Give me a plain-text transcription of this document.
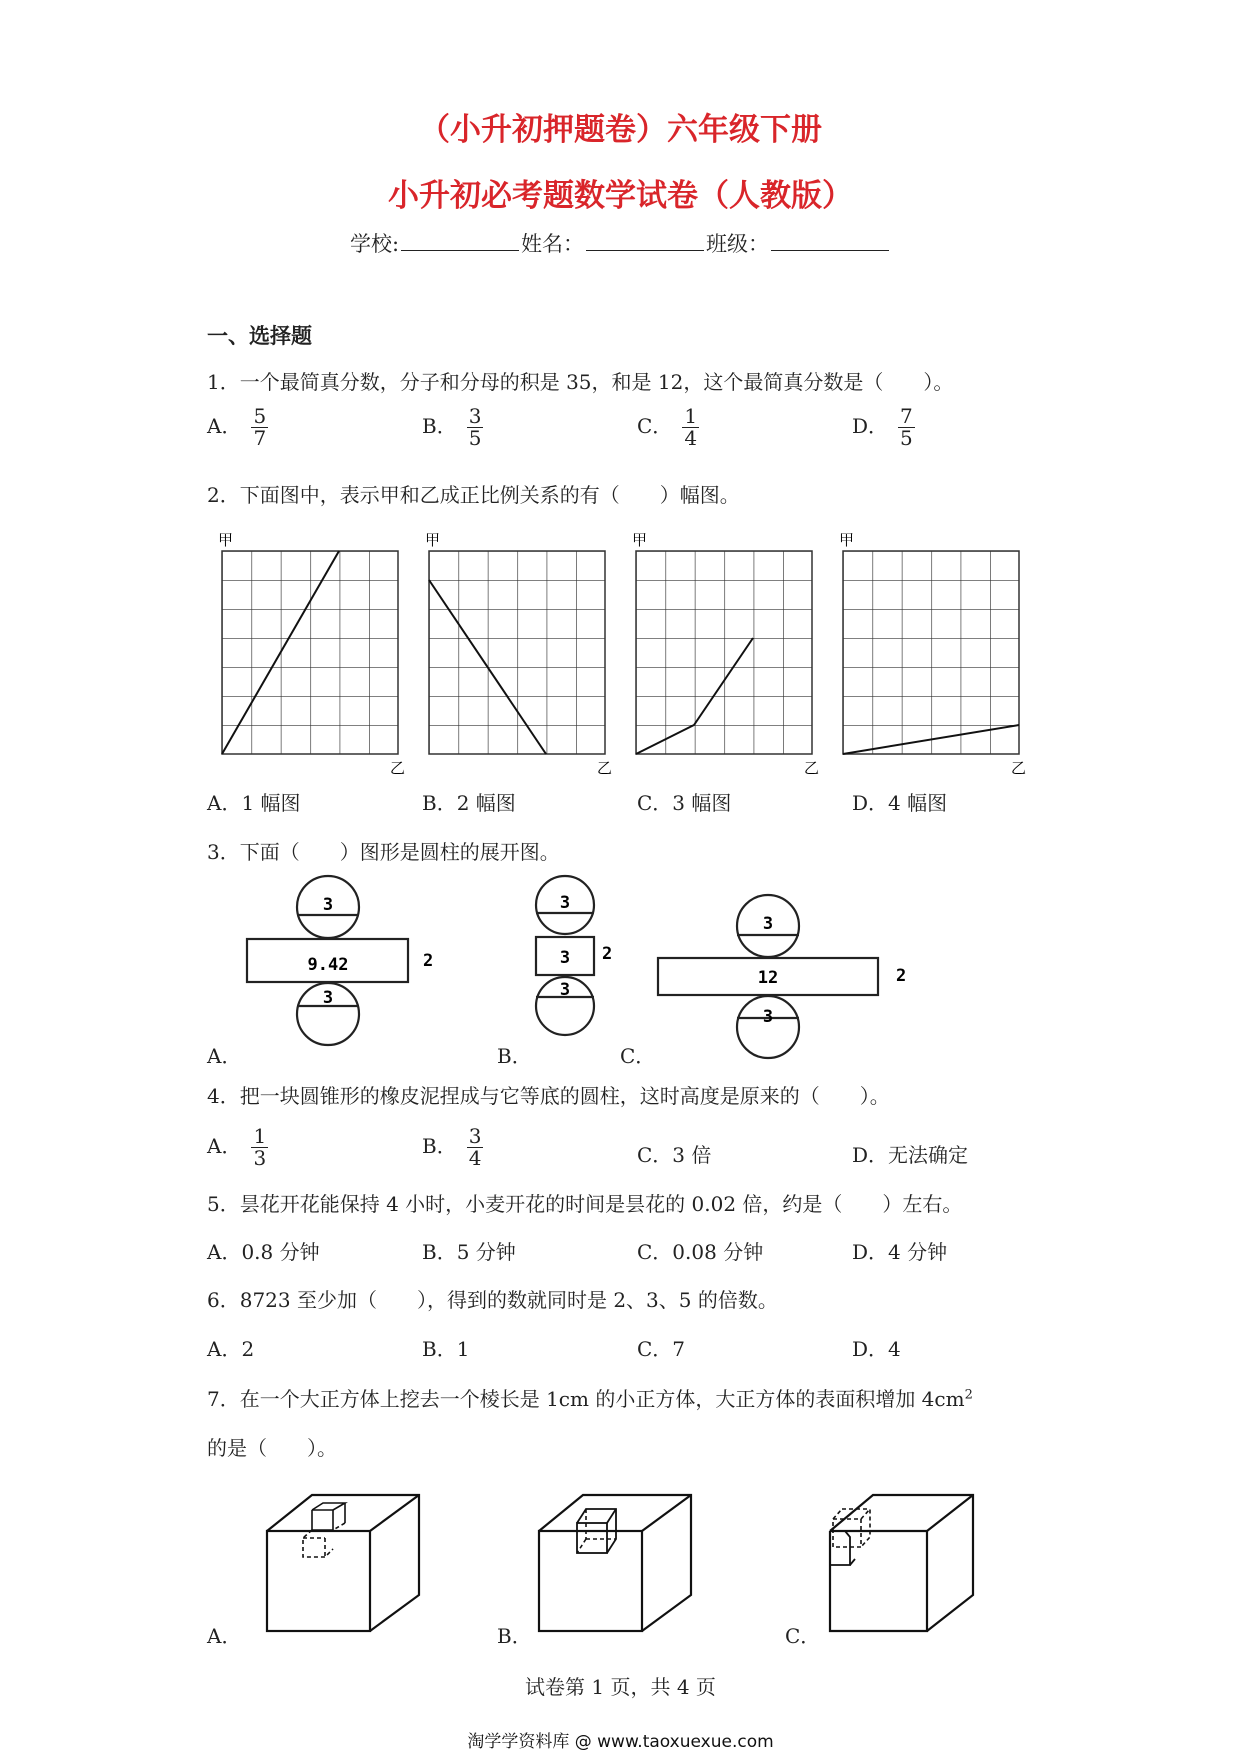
（小升初押题卷）六年级下册
小升初必考题数学试卷（人教版）
学校:	姓名：	班级：
一、选择题
1．一个最简真分数，分子和分母的积是 35，和是 12，这个最简真分数是（　　）。
A． $\frac{5}{7}$	B． $\frac{3}{5}$	C． $\frac{1}{4}$	D． $\frac{7}{5}$
2．下面图中，表示甲和乙成正比例关系的有（　　）幅图。
甲
乙
甲
乙
甲
乙
甲
乙
A．1 幅图	B．2 幅图	C．3 幅图	D．4 幅图
3．下面（　　）图形是圆柱的展开图。
3
9.42	2
3
3
3 2
3
3
12	2
3
A．	B．	C．
4．把一块圆锥形的橡皮泥捏成与它等底的圆柱，这时高度是原来的（　　）。
A． $\frac{1}{3}$	B． $\frac{3}{4}$	C．3 倍	D．无法确定
5．昙花开花能保持 4 小时，小麦开花的时间是昙花的 0.02 倍，约是（　　）左右。
A．0.8 分钟	B．5 分钟	C．0.08 分钟	D．4 分钟
6．8723 至少加（　　），得到的数就同时是 2、3、5 的倍数。
A．2	B．1	C．7	D．4
7．在一个大正方体上挖去一个棱长是 1cm 的小正方体，大正方体的表面积增加 $4cm^2$
的是（　　）。
A．	B．	C．
试卷第 1 页，共 4 页
淘学学资料库 @ www.taoxuexue.com
